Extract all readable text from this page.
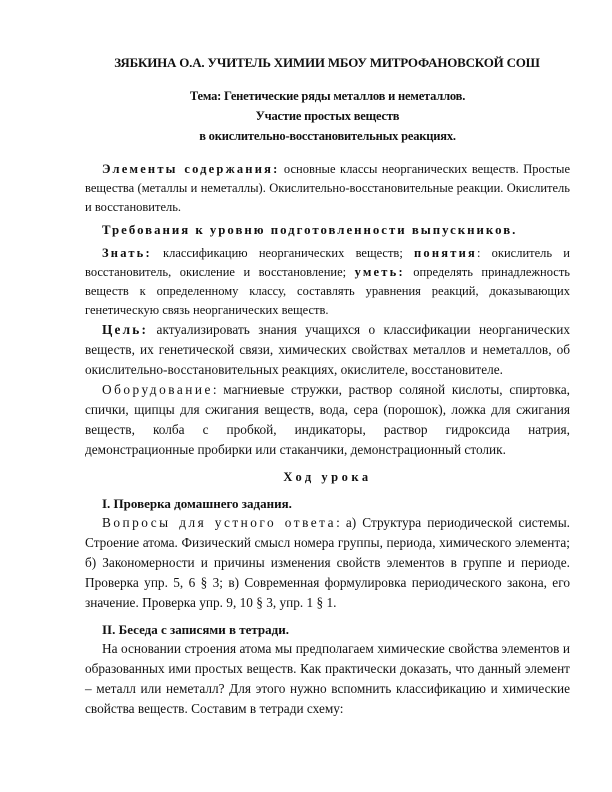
ЗЯБКИНА О.А. УЧИТЕЛЬ ХИМИИ МБОУ МИТРОФАНОВСКОЙ СОШ
Тема: Генетические ряды металлов и неметаллов.
Участие простых веществ
в окислительно-восстановительных реакциях.

Элементы содержания: основные классы неорганических веществ. Простые вещества (металлы и неметаллы). Окислительно-восстановительные реакции. Окислитель и восстановитель.

Требования к уровню подготовленности выпускников.

Знать: классификацию неорганических веществ; понятия: окислитель и восстановитель, окисление и восстановление; уметь: определять принадлежность веществ к определенному классу, составлять уравнения реакций, доказывающих генетическую связь неорганических веществ.

Цель: актуализировать знания учащихся о классификации неорганических веществ, их генетической связи, химических свойствах металлов и неметаллов, об окислительно-восстановительных реакциях, окислителе, восстановителе.

Оборудование: магниевые стружки, раствор соляной кислоты, спиртовка, спички, щипцы для сжигания веществ, вода, сера (порошок), ложка для сжигания веществ, колба с пробкой, индикаторы, раствор гидроксида натрия, демонстрационные пробирки или стаканчики, демонстрационный столик.

Ход урока
I. Проверка домашнего задания.

Вопросы для устного ответа: а) Структура периодической системы. Строение атома. Физический смысл номера группы, периода, химического элемента; б) Закономерности и причины изменения свойств элементов в группе и периоде. Проверка упр. 5, 6 § 3; в) Современная формулировка периодического закона, его значение. Проверка упр. 9, 10 § 3, упр. 1 § 1.

II. Беседа с записями в тетради.

На основании строения атома мы предполагаем химические свойства элементов и образованных ими простых веществ. Как практически доказать, что данный элемент – металл или неметалл? Для этого нужно вспомнить классификацию и химические свойства веществ. Составим в тетради схему:
